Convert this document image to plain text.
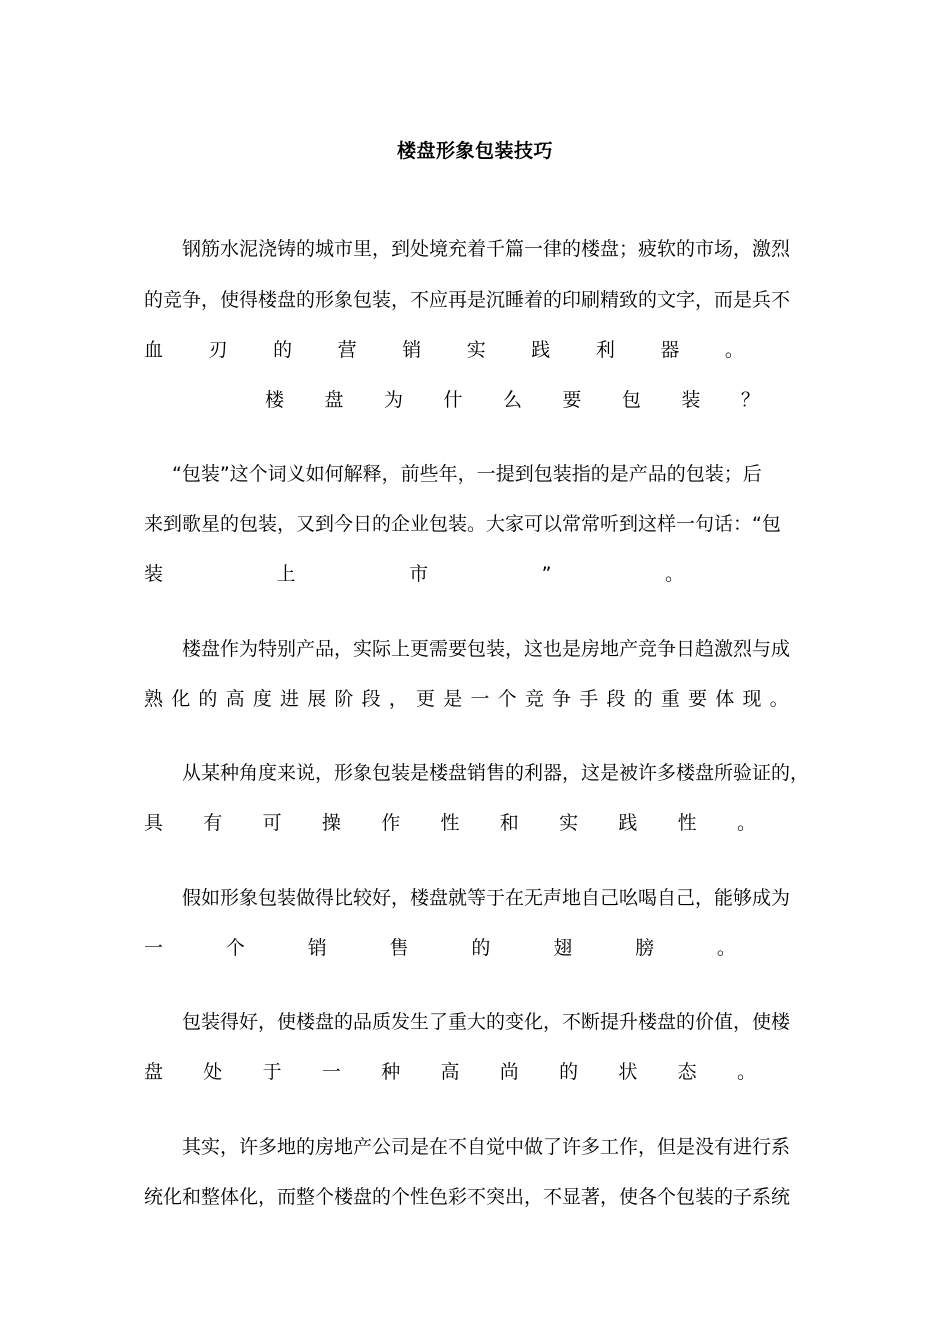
楼盘形象包装技巧
钢筋水泥浇铸的城市里，到处境充着千篇一律的楼盘；疲软的市场，激烈
的竞争，使得楼盘的形象包装，不应再是沉睡着的印刷精致的文字，而是兵不
血 刃 的 营 销 实 践 利 器 。
楼 盘 为 什 么 要 包 装 ？
“包装”这个词义如何解释，前些年，一提到包装指的是产品的包装；后
来到歌星的包装，又到今日的企业包装。大家可以常常听到这样一句话：“包
装	上	市	”	。
楼盘作为特别产品，实际上更需要包装，这也是房地产竞争日趋激烈与成
熟 化 的 高 度 进 展 阶 段 ， 更 是 一 个 竞 争 手 段 的 重 要 体 现 。
从某种角度来说，形象包装是楼盘销售的利器，这是被许多楼盘所验证的，
具 有 可 操 作 性 和 实 践 性 。
假如形象包装做得比较好，楼盘就等于在无声地自己吆喝自己，能够成为
一	个	销	售	的	翅	膀	。
包装得好，使楼盘的品质发生了重大的变化，不断提升楼盘的价值，使楼
盘 处 于 一 种 高 尚 的 状 态 。
其实，许多地的房地产公司是在不自觉中做了许多工作，但是没有进行系
统化和整体化，而整个楼盘的个性色彩不突出，不显著，使各个包装的子系统
